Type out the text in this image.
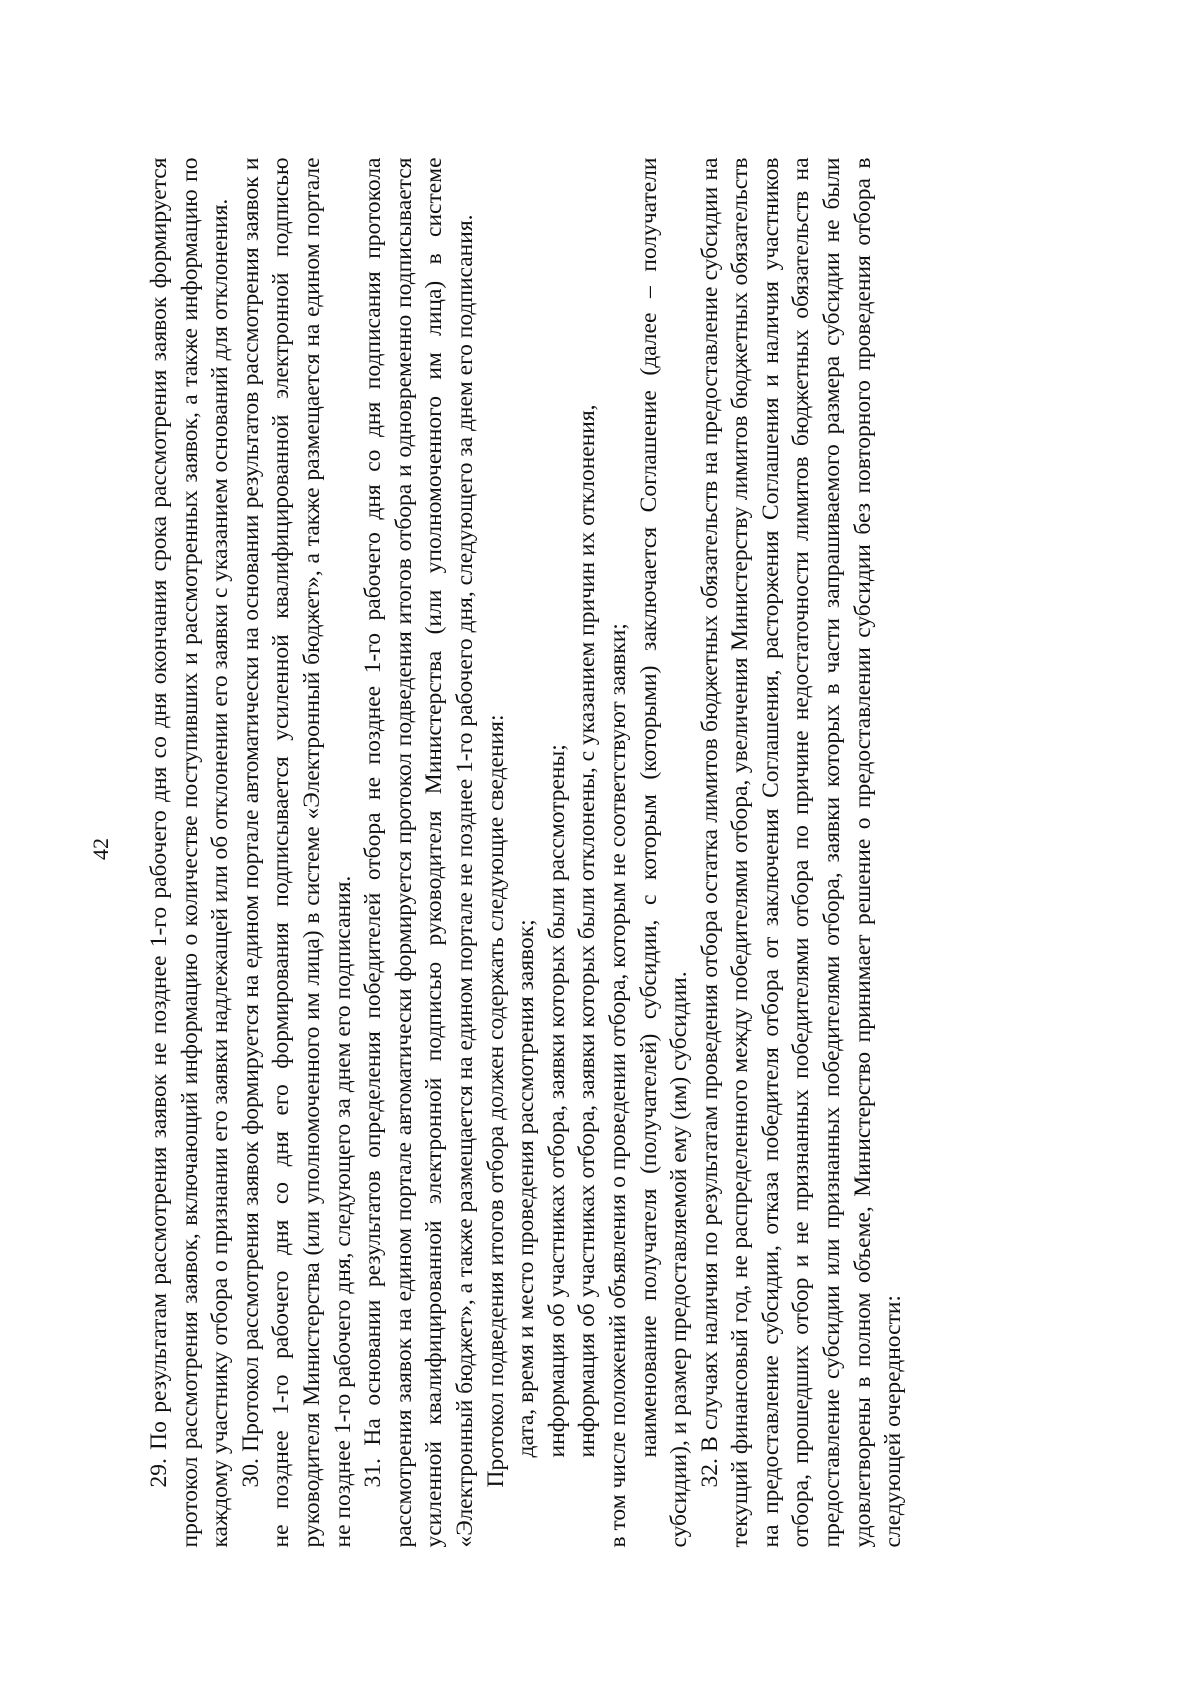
42 29. По результатам рассмотрения заявок не позднее 1-го рабочего дня со дня окончания срока рассмотрения заявок формируется протокол рассмотрения заявок, включающий информацию о количестве поступивших и рассмотренных заявок, а также информацию по каждому участнику отбора о признании его заявки надлежащей или об отклонении его заявки с указанием оснований для отклонения. 30. Протокол рассмотрения заявок формируется на едином портале автоматически на основании результатов рассмотрения заявок и не позднее 1-го рабочего дня со дня его формирования подписывается усиленной квалифицированной электронной подписью руководителя Министерства (или уполномоченного им лица) в системе «Электронный бюджет», а также размещается на едином портале не позднее 1-го рабочего дня, следующего за днем его подписания. 31. На основании результатов определения победителей отбора не позднее 1-го рабочего дня со дня подписания протокола рассмотрения заявок на едином портале автоматически формируется протокол подведения итогов отбора и одновременно подписывается усиленной квалифицированной электронной подписью руководителя Министерства (или уполномоченного им лица) в системе «Электронный бюджет», а также размещается на едином портале не позднее 1-го рабочего дня, следующего за днем его подписания. Протокол подведения итогов отбора должен содержать следующие сведения: дата, время и место проведения рассмотрения заявок; информация об участниках отбора, заявки которых были рассмотрены; информация об участниках отбора, заявки которых были отклонены, с указанием причин их отклонения, в том числе положений объявления о проведении отбора, которым не соответствуют заявки; наименование получателя (получателей) субсидии, с которым (которыми) заключается Соглашение (далее – получатели субсидии), и размер предоставляемой ему (им) субсидии. 32. В случаях наличия по результатам проведения отбора остатка лимитов бюджетных обязательств на предоставление субсидии на текущий финансовый год, не распределенного между победителями отбора, увеличения Министерству лимитов бюджетных обязательств на предоставление субсидии, отказа победителя отбора от заключения Соглашения, расторжения Соглашения и наличия участников отбора, прошедших отбор и не признанных победителями отбора по причине недостаточности лимитов бюджетных обязательств на предоставление субсидии или признанных победителями отбора, заявки которых в части запрашиваемого размера субсидии не были удовлетворены в полном объеме, Министерство принимает решение о предоставлении субсидии без повторного проведения отбора в следующей очередности:
